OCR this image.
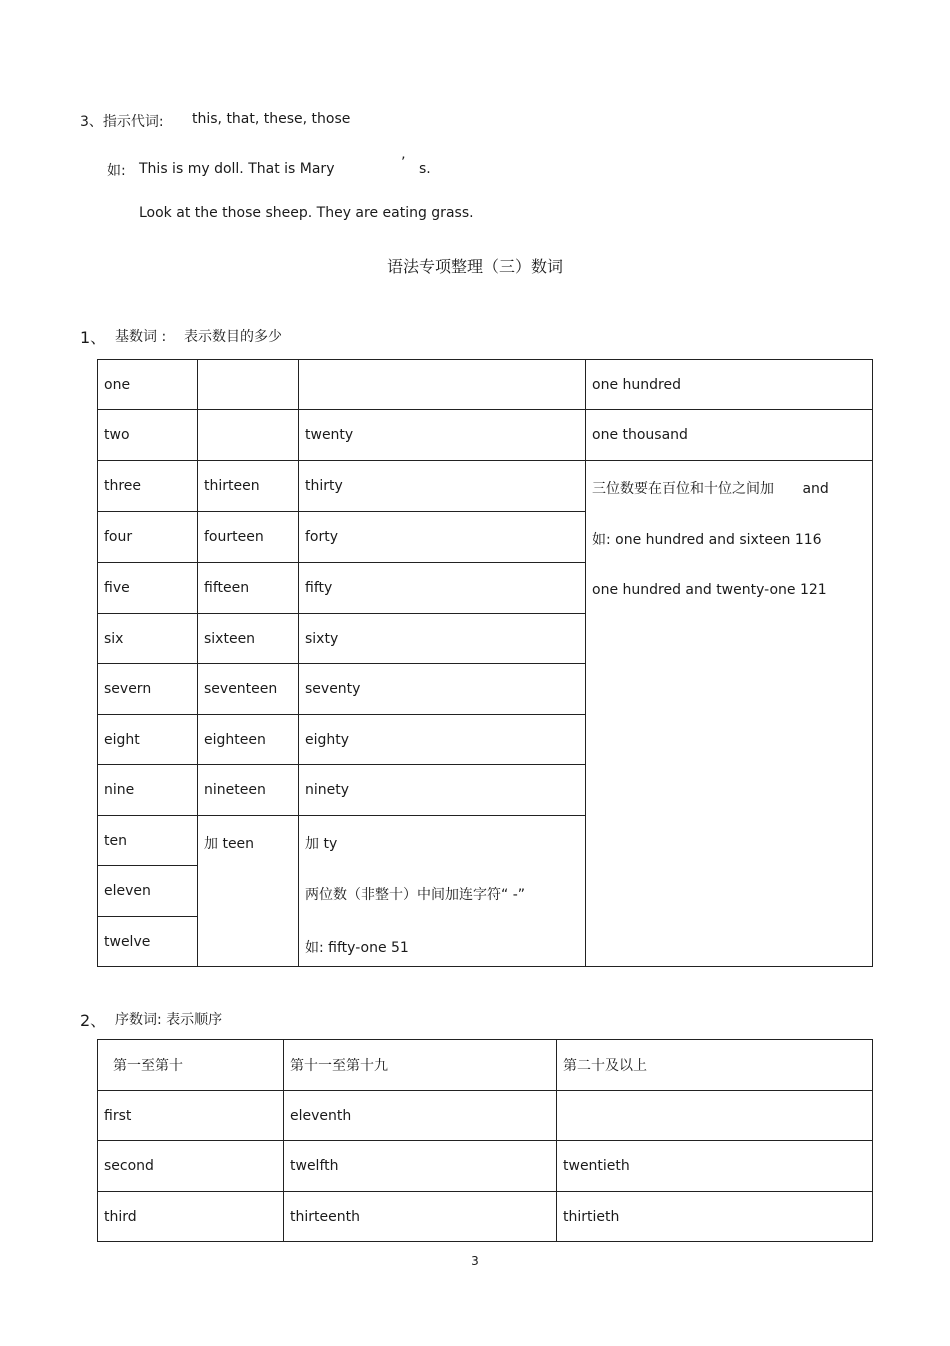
3、指示代词: this, that, these, those
如: This is my doll. That is Mary	’ s.
Look at the those sheep. They are eating grass.
语法专项整理（三）数词
1、 基数词 : 表示数目的多少
one			one hundred
two		twenty	one thousand
three	thirteen	thirty	三位数要在百位和十位之间加 and
如: one hundred and sixteen 116
one hundred and twenty-one 121

four	fourteen	forty	
five	fifteen	fifty	
six	sixteen	sixty	
severn	seventeen	seventy	
eight	eighteen	eighty	
nine	nineteen	ninety	
ten	加 teen	加 ty
两位数（非整十）中间加连字符“ -”
如: fifty-one 51	

eleven			
twelve			
2、 序数词: 表示顺序
第一至第十	第十一至第十九	第二十及以上
first	eleventh	
second	twelfth	twentieth
third	thirteenth	thirtieth
3
